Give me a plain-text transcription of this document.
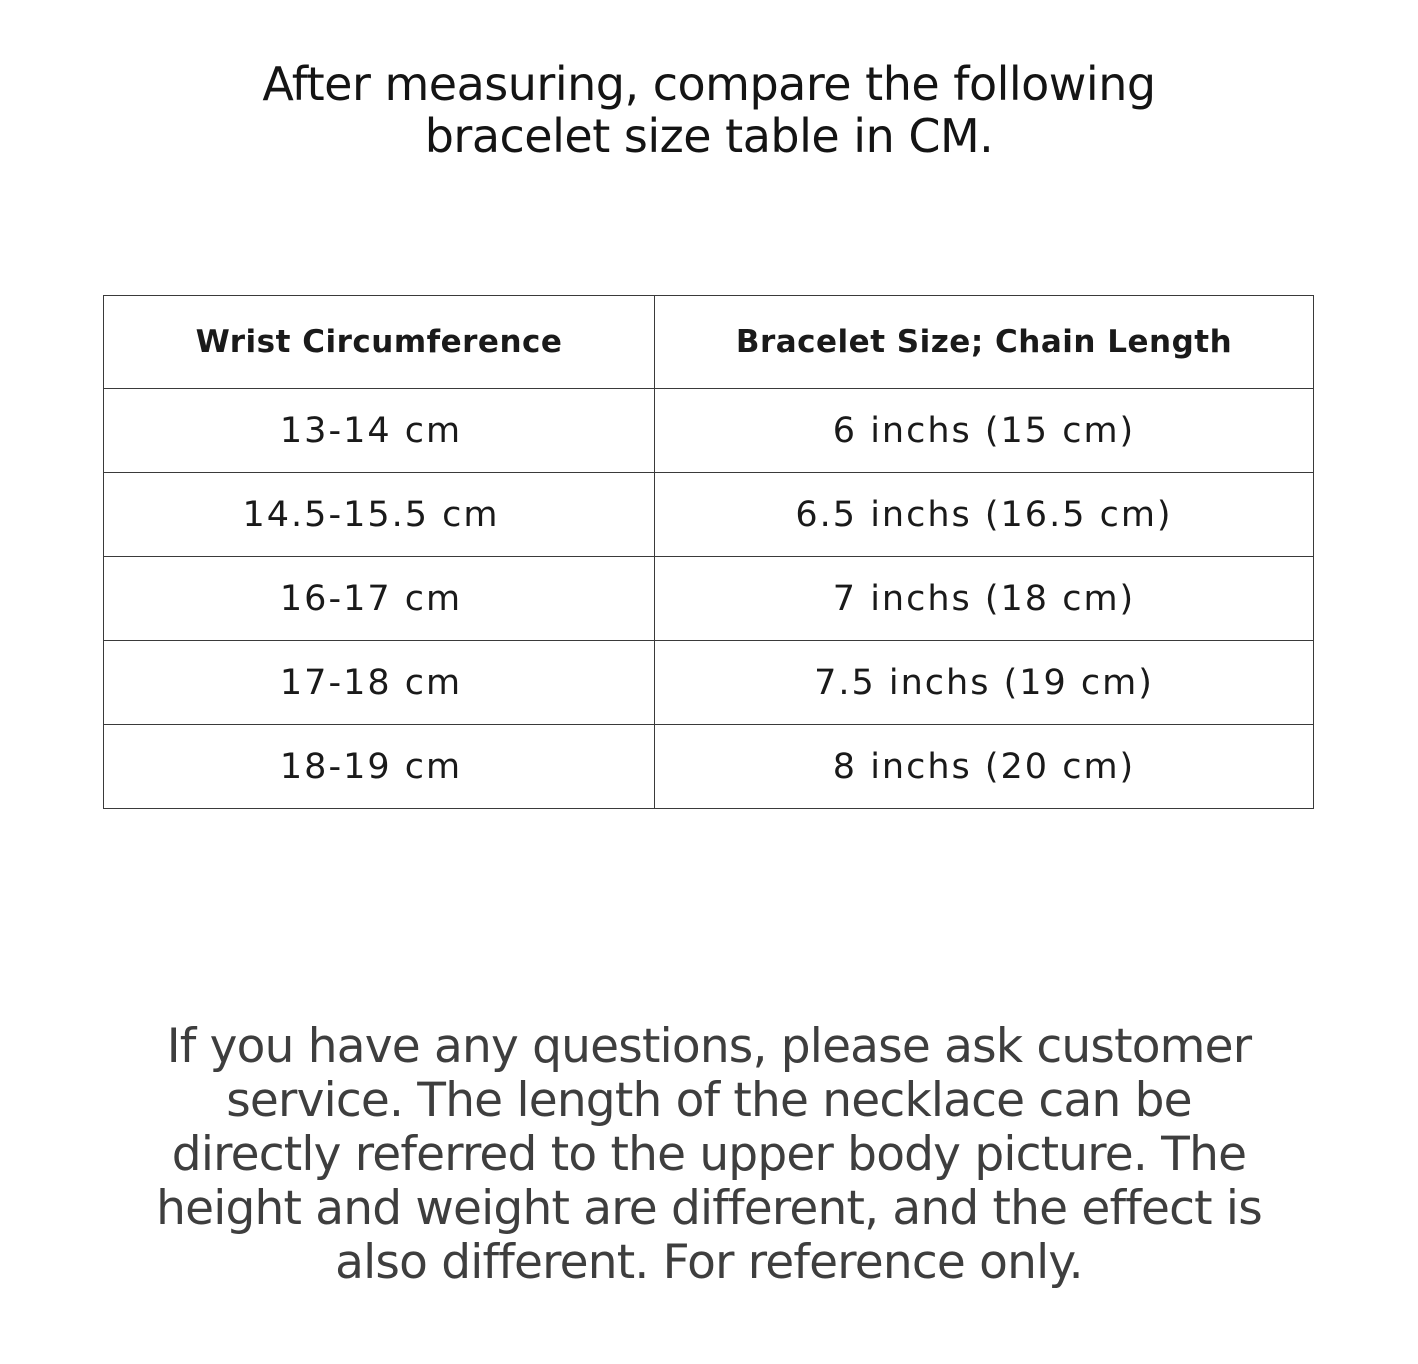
After measuring, compare the following
bracelet size table in CM.
Wrist Circumference	Bracelet Size; Chain Length
13-14 cm	6 inchs (15 cm)
14.5-15.5 cm	6.5 inchs (16.5 cm)
16-17 cm	7 inchs (18 cm)
17-18 cm	7.5 inchs (19 cm)
18-19 cm	8 inchs (20 cm)
If you have any questions, please ask customer
service. The length of the necklace can be
directly referred to the upper body picture. The
height and weight are different, and the effect is
also different. For reference only.
